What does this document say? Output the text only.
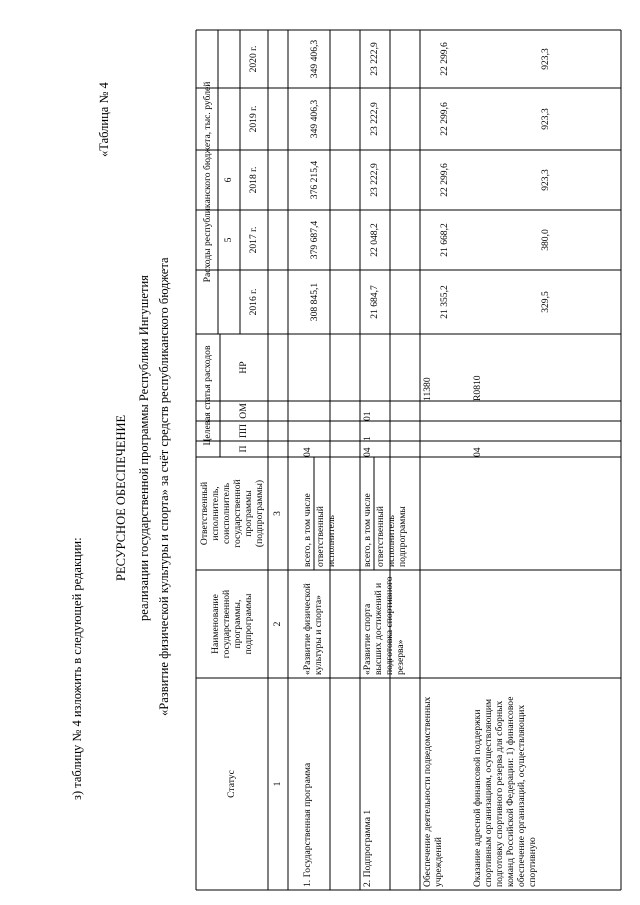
з) таблицу № 4 изложить в следующей редакции:
«Таблица № 4
РЕСУРСНОЕ ОБЕСПЕЧЕНИЕ реализации государственной программы Республики Ингушетия «Развитие физической культуры и спорта» за счёт средств республиканского бюджета
Статус
Наименование государственной программы, подпрограммы
Ответственный исполнитель, соисполнитель государственной программы (подпрограммы)
Целевая статья расходов
П
ПП
ОМ
НР
Расходы республиканского бюджета, тыс. рублей
2016 г.
2017 г.
2018 г.
2019 г.
2020 г.
1
2
3
5
6
1. Государственная программа
«Развитие физической культуры и спорта»
04
308 845,1
379 687,4
376 215,4
349 406,3
349 406,3
всего, в том числе ответственный исполнитель
2. Подпрограмма 1
«Развитие спорта высших достижений и подготовка спортивного резерва»
04
1
01
21 684,7
22 048,2
23 222,9
23 222,9
23 222,9
всего, в том числе ответственный исполнитель подпрограммы
Обеспечение деятельности подведомственных учреждений
11380
21 355,2
21 668,2
22 299,6
22 299,6
22 299,6
Оказание адресной финансовой поддержки спортивным организациям, осуществляющим подготовку спортивного резерва для сборных команд Российской Федерации: 1) финансовое обеспечение организаций, осуществляющих спортивную
04
R0810
329,5
380,0
923,3
923,3
923,3
